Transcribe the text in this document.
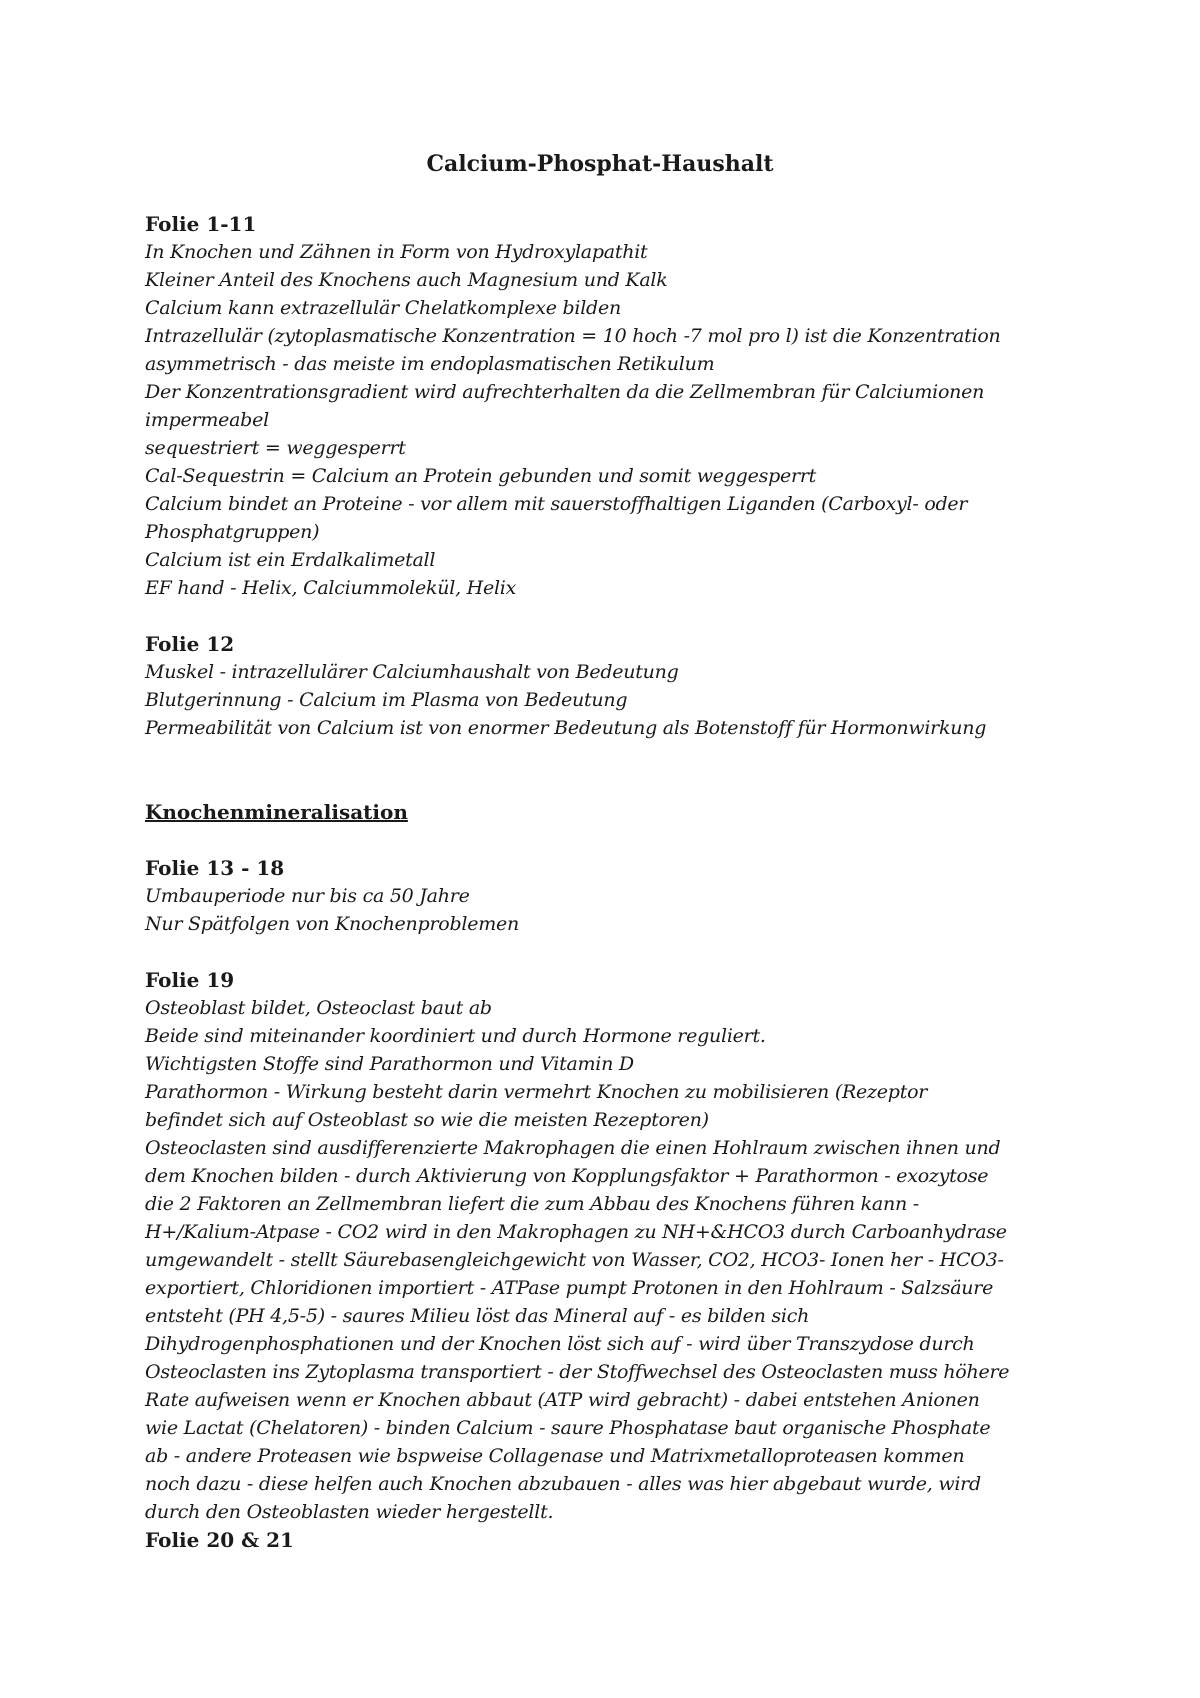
Calcium-Phosphat-Haushalt
Folie 1-11
In Knochen und Zähnen in Form von Hydroxylapathit
Kleiner Anteil des Knochens auch Magnesium und Kalk
Calcium kann extrazellulär Chelatkomplexe bilden
Intrazellulär (zytoplasmatische Konzentration = 10 hoch -7 mol pro l) ist die Konzentration
asymmetrisch - das meiste im endoplasmatischen Retikulum
Der Konzentrationsgradient wird aufrechterhalten da die Zellmembran für Calciumionen
impermeabel
sequestriert = weggesperrt
Cal-Sequestrin = Calcium an Protein gebunden und somit weggesperrt
Calcium bindet an Proteine - vor allem mit sauerstoffhaltigen Liganden (Carboxyl- oder
Phosphatgruppen)
Calcium ist ein Erdalkalimetall
EF hand - Helix, Calciummolekül, Helix
Folie 12
Muskel - intrazellulärer Calciumhaushalt von Bedeutung
Blutgerinnung - Calcium im Plasma von Bedeutung
Permeabilität von Calcium ist von enormer Bedeutung als Botenstoff für Hormonwirkung
Knochenmineralisation
Folie 13 - 18
Umbauperiode nur bis ca 50 Jahre
Nur Spätfolgen von Knochenproblemen
Folie 19
Osteoblast bildet, Osteoclast baut ab
Beide sind miteinander koordiniert und durch Hormone reguliert.
Wichtigsten Stoffe sind Parathormon und Vitamin D
Parathormon - Wirkung besteht darin vermehrt Knochen zu mobilisieren (Rezeptor
befindet sich auf Osteoblast so wie die meisten Rezeptoren)
Osteoclasten sind ausdifferenzierte Makrophagen die einen Hohlraum zwischen ihnen und
dem Knochen bilden - durch Aktivierung von Kopplungsfaktor + Parathormon - exozytose
die 2 Faktoren an Zellmembran liefert die zum Abbau des Knochens führen kann -
H+/Kalium-Atpase - CO2 wird in den Makrophagen zu NH+&HCO3 durch Carboanhydrase
umgewandelt - stellt Säurebasengleichgewicht von Wasser, CO2, HCO3- Ionen her - HCO3-
exportiert, Chloridionen importiert - ATPase pumpt Protonen in den Hohlraum - Salzsäure
entsteht (PH 4,5-5) - saures Milieu löst das Mineral auf - es bilden sich
Dihydrogenphosphationen und der Knochen löst sich auf - wird über Transzydose durch
Osteoclasten ins Zytoplasma transportiert - der Stoffwechsel des Osteoclasten muss höhere
Rate aufweisen wenn er Knochen abbaut (ATP wird gebracht) - dabei entstehen Anionen
wie Lactat (Chelatoren) - binden Calcium - saure Phosphatase baut organische Phosphate
ab - andere Proteasen wie bspweise Collagenase und Matrixmetalloproteasen kommen
noch dazu - diese helfen auch Knochen abzubauen - alles was hier abgebaut wurde, wird
durch den Osteoblasten wieder hergestellt.
Folie 20 & 21
